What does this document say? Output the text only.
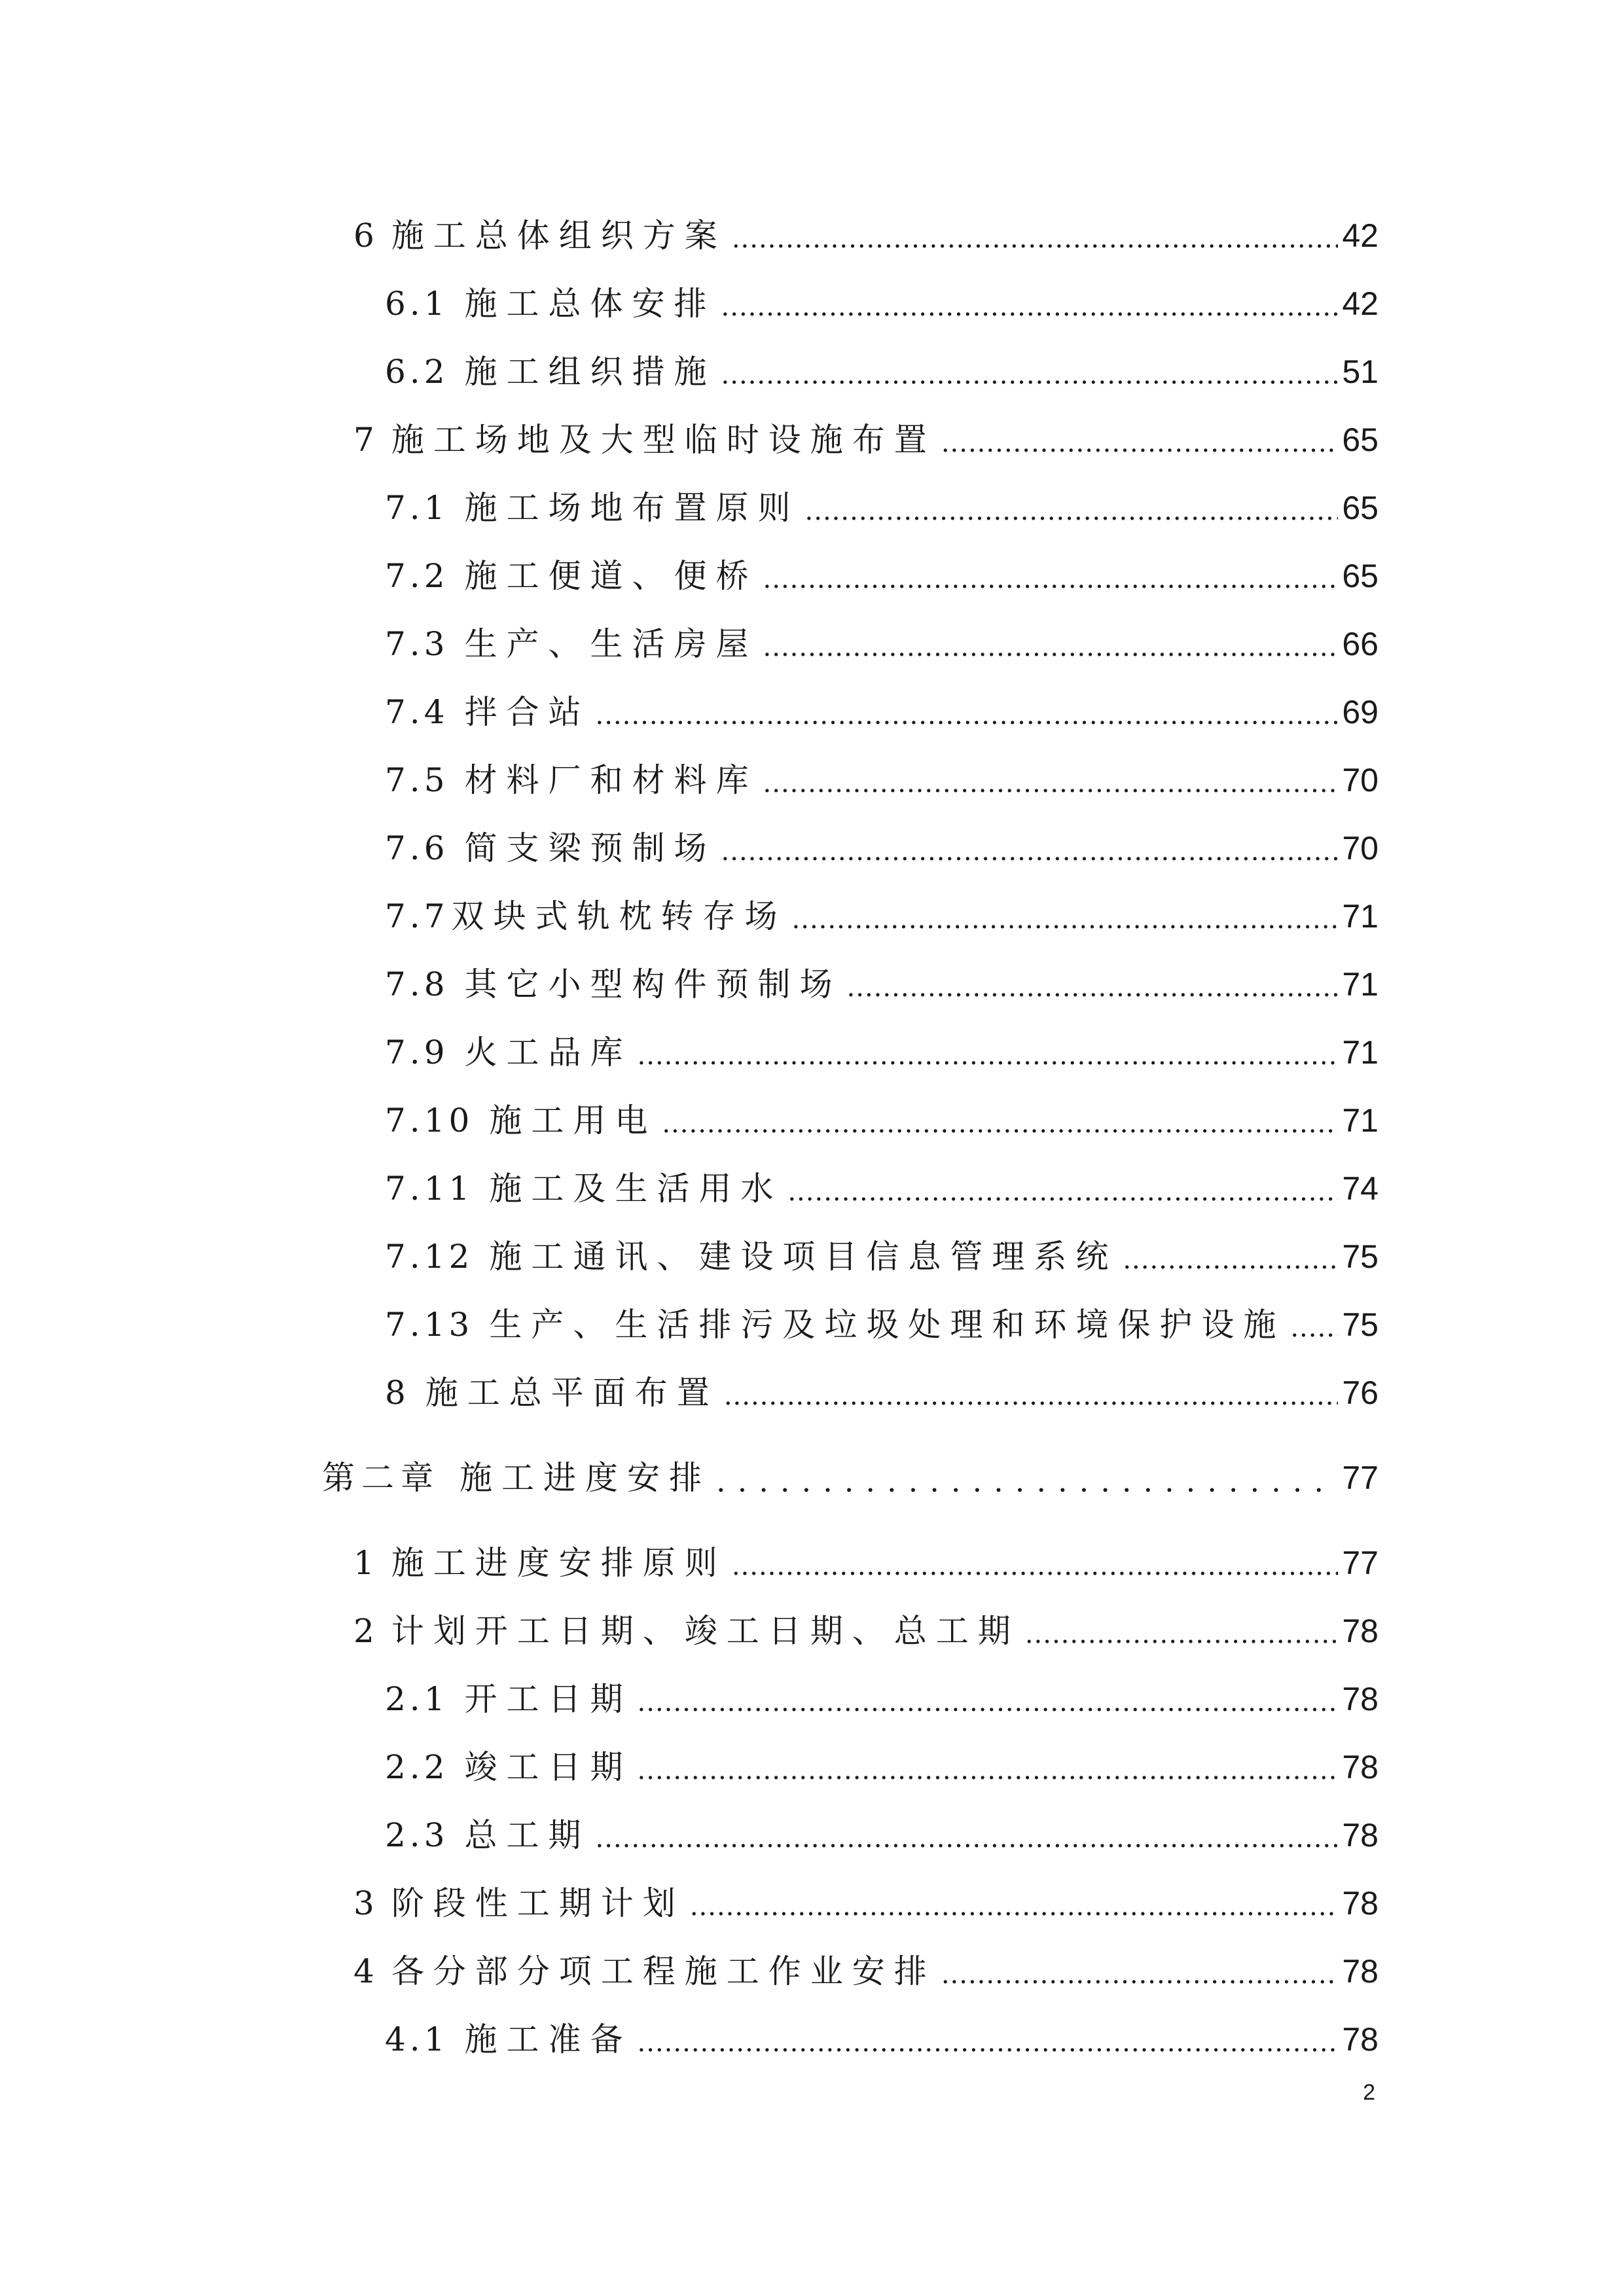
6 施工总体组织方案 .....	42
6.1 施工总体安排 .....	42
6.2 施工组织措施 .....	51
7 施工场地及大型临时设施布置 .....	65
7.1 施工场地布置原则 .....	65
7.2 施工便道、便桥 .....	65
7.3 生产、生活房屋 .....	66
7.4 拌合站 .....	69
7.5 材料厂和材料库 .....	70
7.6 简支梁预制场 .....	70
7.7 双块式轨枕转存场 .....	71
7.8 其它小型构件预制场 .....	71
7.9 火工品库 .....	71
7.10 施工用电 .....	71
7.11 施工及生活用水 .....	74
7.12 施工通讯、建设项目信息管理系统 .....	75
7.13 生产、生活排污及垃圾处理和环境保护设施 ..... 75
8 施工总平面布置 .....	76
第二章 施工进度安排 .....	77
1 施工进度安排原则 .....	77
2 计划开工日期、竣工日期、总工期 .....	78
2.1 开工日期 .....	78
2.2 竣工日期 .....	78
2.3 总工期 .....	78
3 阶段性工期计划 .....	78
4 各分部分项工程施工作业安排 .....	78
4.1 施工准备 .....	78
2
